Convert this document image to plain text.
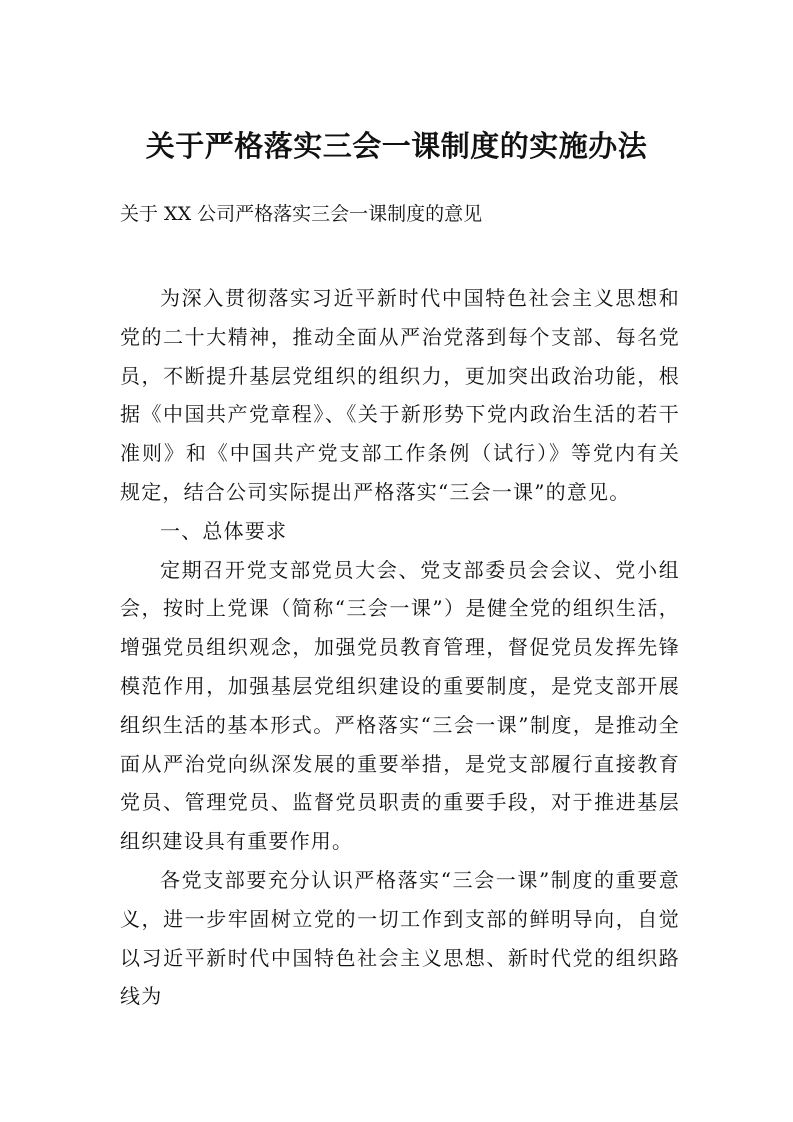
关于严格落实三会一课制度的实施办法
关于 XX 公司严格落实三会一课制度的意见

为深入贯彻落实习近平新时代中国特色社会主义思想和党的二十大精神，推动全面从严治党落到每个支部、每名党员，不断提升基层党组织的组织力，更加突出政治功能，根据《中国共产党章程》、《关于新形势下党内政治生活的若干准则》和《中国共产党支部工作条例（试行）》等党内有关规定，结合公司实际提出严格落实“三会一课”的意见。

一、总体要求

定期召开党支部党员大会、党支部委员会会议、党小组会，按时上党课（简称“三会一课”）是健全党的组织生活，增强党员组织观念，加强党员教育管理，督促党员发挥先锋模范作用，加强基层党组织建设的重要制度，是党支部开展组织生活的基本形式。严格落实“三会一课”制度，是推动全面从严治党向纵深发展的重要举措，是党支部履行直接教育党员、管理党员、监督党员职责的重要手段，对于推进基层组织建设具有重要作用。

各党支部要充分认识严格落实“三会一课”制度的重要意义，进一步牢固树立党的一切工作到支部的鲜明导向，自觉以习近平新时代中国特色社会主义思想、新时代党的组织路线为
